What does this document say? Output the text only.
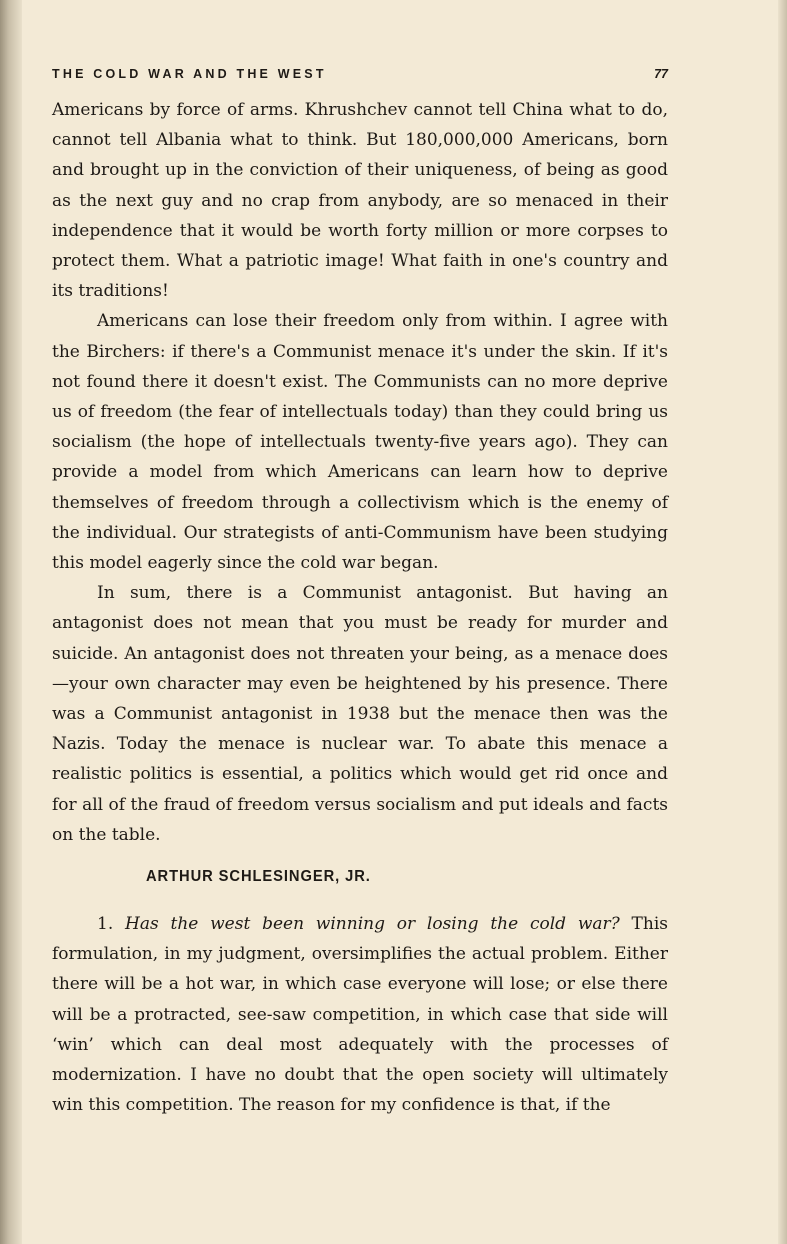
THE COLD WAR AND THE WEST	77

Americans by force of arms. Khrushchev cannot tell China what to do, cannot tell Albania what to think. But 180,000,000 Americans, born and brought up in the conviction of their uniqueness, of being as good as the next guy and no crap from anybody, are so menaced in their independence that it would be worth forty million or more corpses to protect them. What a patriotic image! What faith in one's country and its traditions!

Americans can lose their freedom only from within. I agree with the Birchers: if there's a Communist menace it's under the skin. If it's not found there it doesn't exist. The Communists can no more deprive us of freedom (the fear of intellectuals today) than they could bring us socialism (the hope of intellectuals twenty-five years ago). They can provide a model from which Americans can learn how to deprive themselves of freedom through a collectivism which is the enemy of the individual. Our strategists of anti-Communism have been studying this model eagerly since the cold war began.

In sum, there is a Communist antagonist. But having an antagonist does not mean that you must be ready for murder and suicide. An antagonist does not threaten your being, as a menace does—your own character may even be heightened by his presence. There was a Communist antagonist in 1938 but the menace then was the Nazis. Today the menace is nuclear war. To abate this menace a realistic politics is essential, a politics which would get rid once and for all of the fraud of freedom versus socialism and put ideals and facts on the table.

ARTHUR SCHLESINGER, JR.

1. Has the west been winning or losing the cold war? This formulation, in my judgment, oversimplifies the actual problem. Either there will be a hot war, in which case everyone will lose; or else there will be a protracted, see-saw competition, in which case that side will ‘win’ which can deal most adequately with the processes of modernization. I have no doubt that the open society will ultimately win this competition. The reason for my confidence is that, if the
